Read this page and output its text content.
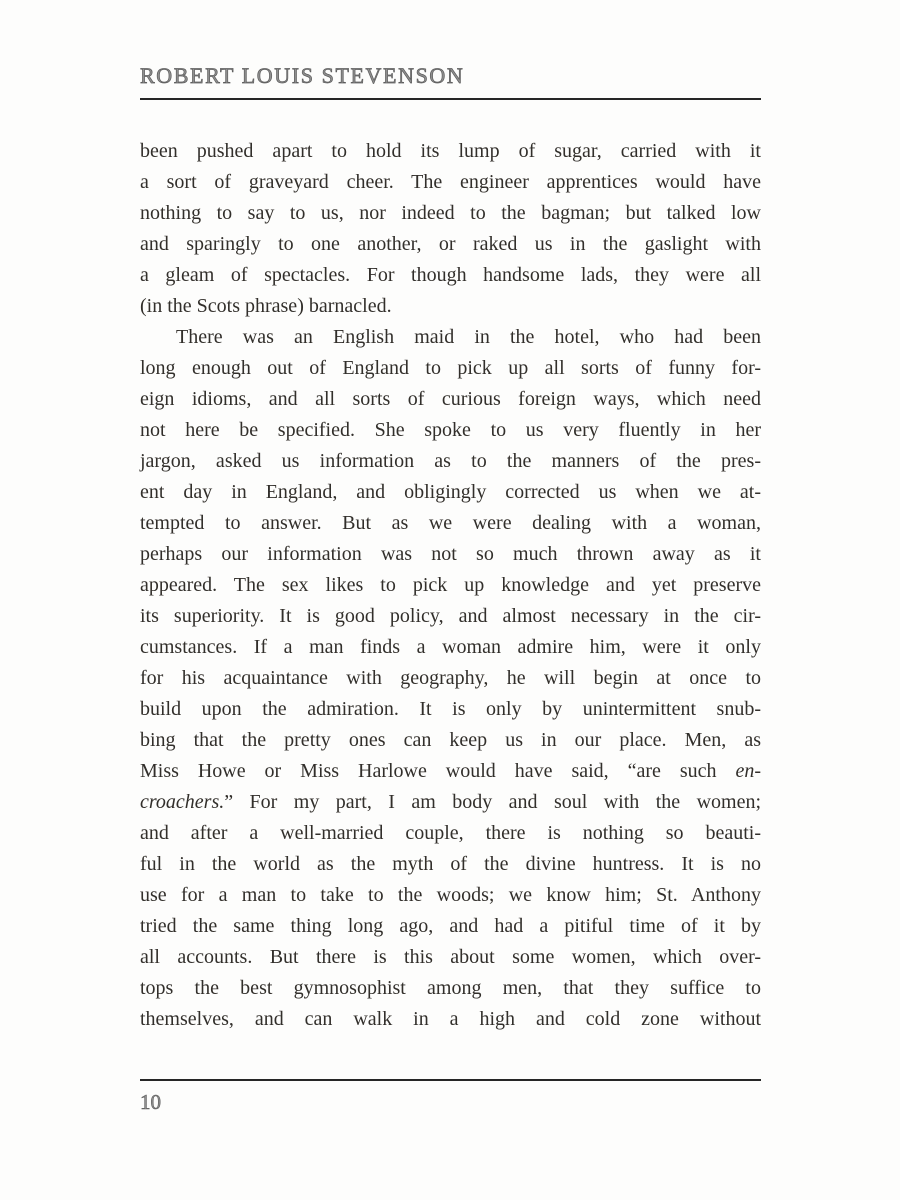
ROBERT LOUIS STEVENSON
been pushed apart to hold its lump of sugar, carried with it
a sort of graveyard cheer. The engineer apprentices would have
nothing to say to us, nor indeed to the bagman; but talked low
and sparingly to one another, or raked us in the gaslight with
a gleam of spectacles. For though handsome lads, they were all
(in the Scots phrase) barnacled.
There was an English maid in the hotel, who had been
long enough out of England to pick up all sorts of funny for-
eign idioms, and all sorts of curious foreign ways, which need
not here be specified. She spoke to us very fluently in her
jargon, asked us information as to the manners of the pres-
ent day in England, and obligingly corrected us when we at-
tempted to answer. But as we were dealing with a woman,
perhaps our information was not so much thrown away as it
appeared. The sex likes to pick up knowledge and yet preserve
its superiority. It is good policy, and almost necessary in the cir-
cumstances. If a man finds a woman admire him, were it only
for his acquaintance with geography, he will begin at once to
build upon the admiration. It is only by unintermittent snub-
bing that the pretty ones can keep us in our place. Men, as
Miss Howe or Miss Harlowe would have said, “are such en-
croachers.” For my part, I am body and soul with the women;
and after a well-married couple, there is nothing so beauti-
ful in the world as the myth of the divine huntress. It is no
use for a man to take to the woods; we know him; St. Anthony
tried the same thing long ago, and had a pitiful time of it by
all accounts. But there is this about some women, which over-
tops the best gymnosophist among men, that they suffice to
themselves, and can walk in a high and cold zone without
10
